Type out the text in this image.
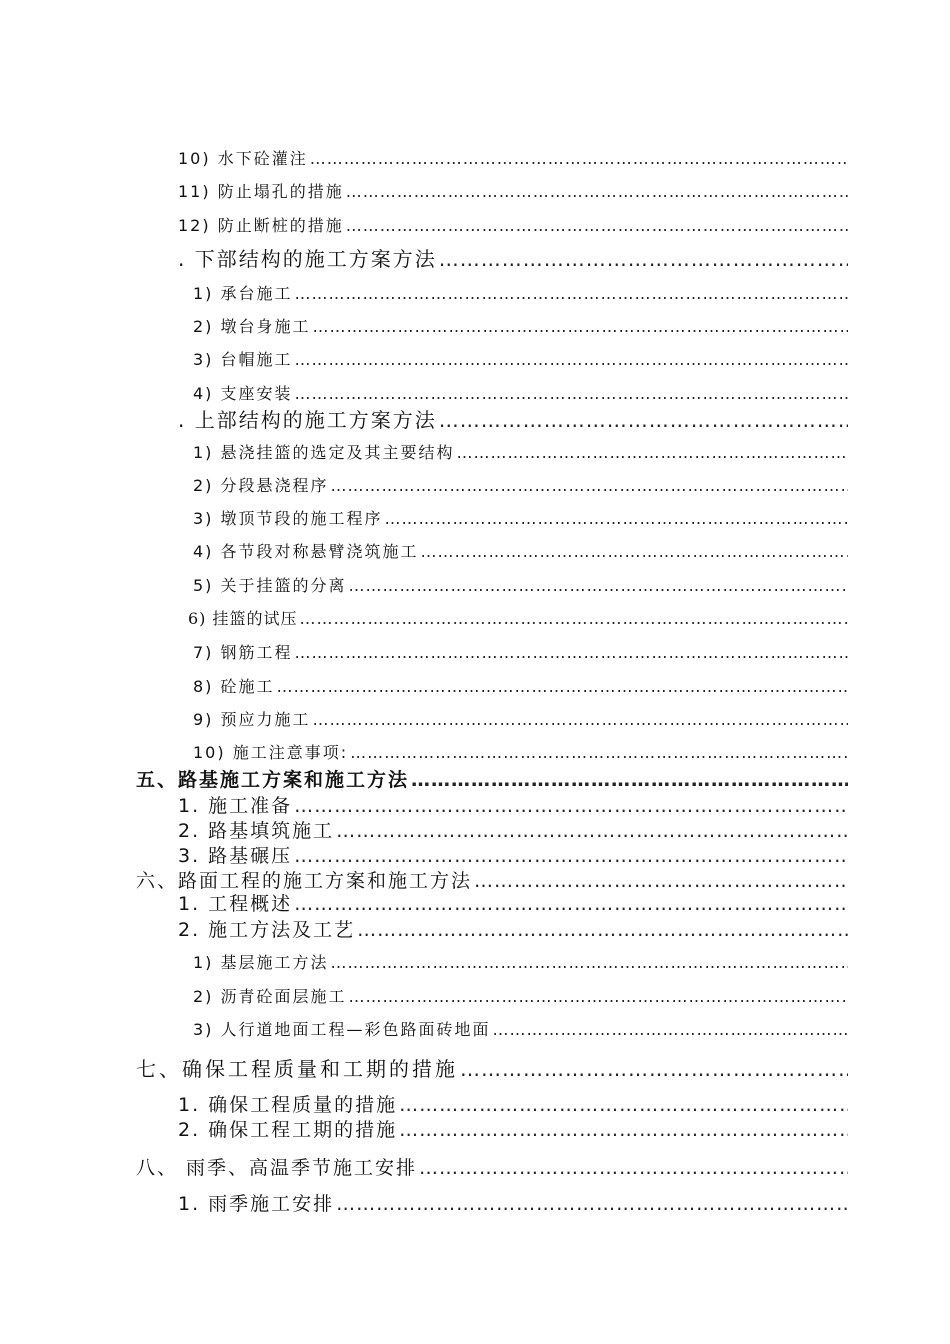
10) 水下砼灌注
…………………………………………………………………………………………………………………………………………………………………………………………………………………………………………………………………………………………………………
11) 防止塌孔的措施
…………………………………………………………………………………………………………………………………………………………………………………………………………………………………………………………………………………………………………
12) 防止断桩的措施
…………………………………………………………………………………………………………………………………………………………………………………………………………………………………………………………………………………………………………
. 下部结构的施工方案方法
…………………………………………………………………………………………………………………………………………………………………………………………………………………………………………………………………………………………………………
1) 承台施工
…………………………………………………………………………………………………………………………………………………………………………………………………………………………………………………………………………………………………………
2) 墩台身施工
…………………………………………………………………………………………………………………………………………………………………………………………………………………………………………………………………………………………………………
3) 台帽施工
…………………………………………………………………………………………………………………………………………………………………………………………………………………………………………………………………………………………………………
4) 支座安装
…………………………………………………………………………………………………………………………………………………………………………………………………………………………………………………………………………………………………………
. 上部结构的施工方案方法
…………………………………………………………………………………………………………………………………………………………………………………………………………………………………………………………………………………………………………
1) 悬浇挂篮的选定及其主要结构
…………………………………………………………………………………………………………………………………………………………………………………………………………………………………………………………………………………………………………
2) 分段悬浇程序
…………………………………………………………………………………………………………………………………………………………………………………………………………………………………………………………………………………………………………
3) 墩顶节段的施工程序
…………………………………………………………………………………………………………………………………………………………………………………………………………………………………………………………………………………………………………
4) 各节段对称悬臂浇筑施工
…………………………………………………………………………………………………………………………………………………………………………………………………………………………………………………………………………………………………………
5) 关于挂篮的分离
…………………………………………………………………………………………………………………………………………………………………………………………………………………………………………………………………………………………………………
6) 挂篮的试压
…………………………………………………………………………………………………………………………………………………………………………………………………………………………………………………………………………………………………………
7) 钢筋工程
…………………………………………………………………………………………………………………………………………………………………………………………………………………………………………………………………………………………………………
8) 砼施工
…………………………………………………………………………………………………………………………………………………………………………………………………………………………………………………………………………………………………………
9) 预应力施工
…………………………………………………………………………………………………………………………………………………………………………………………………………………………………………………………………………………………………………
10) 施工注意事项:
…………………………………………………………………………………………………………………………………………………………………………………………………………………………………………………………………………………………………………
五、路基施工方案和施工方法
…………………………………………………………………………………………………………………………………………………………………………………………………………………………………………………………………………………………………………
1. 施工准备
…………………………………………………………………………………………………………………………………………………………………………………………………………………………………………………………………………………………………………
2. 路基填筑施工
…………………………………………………………………………………………………………………………………………………………………………………………………………………………………………………………………………………………………………
3. 路基碾压
…………………………………………………………………………………………………………………………………………………………………………………………………………………………………………………………………………………………………………
六、路面工程的施工方案和施工方法
…………………………………………………………………………………………………………………………………………………………………………………………………………………………………………………………………………………………………………
1. 工程概述
…………………………………………………………………………………………………………………………………………………………………………………………………………………………………………………………………………………………………………
2. 施工方法及工艺
…………………………………………………………………………………………………………………………………………………………………………………………………………………………………………………………………………………………………………
1) 基层施工方法
…………………………………………………………………………………………………………………………………………………………………………………………………………………………………………………………………………………………………………
2) 沥青砼面层施工
…………………………………………………………………………………………………………………………………………………………………………………………………………………………………………………………………………………………………………
3) 人行道地面工程—彩色路面砖地面
…………………………………………………………………………………………………………………………………………………………………………………………………………………………………………………………………………………………………………
七、确保工程质量和工期的措施
…………………………………………………………………………………………………………………………………………………………………………………………………………………………………………………………………………………………………………
1. 确保工程质量的措施
…………………………………………………………………………………………………………………………………………………………………………………………………………………………………………………………………………………………………………
2. 确保工程工期的措施
…………………………………………………………………………………………………………………………………………………………………………………………………………………………………………………………………………………………………………
八、 雨季、高温季节施工安排
…………………………………………………………………………………………………………………………………………………………………………………………………………………………………………………………………………………………………………
1. 雨季施工安排
…………………………………………………………………………………………………………………………………………………………………………………………………………………………………………………………………………………………………………
